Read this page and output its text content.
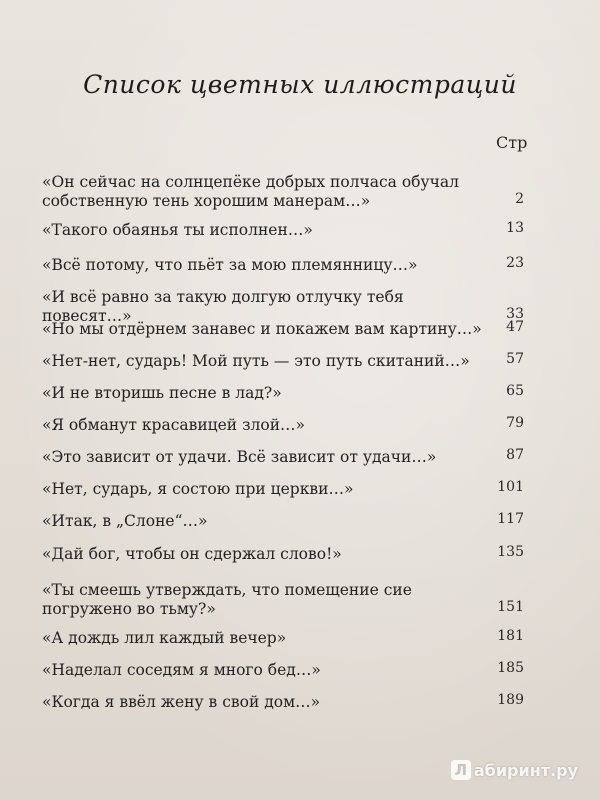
Список цветных иллюстраций
Стр
«Он сейчас на солнцепёке добрых полчаса обучал собственную тень хорошим манерам…»	2
«Такого обаянья ты исполнен…»	13
«Всё потому, что пьёт за мою племянницу…»	23
«И всё равно за такую долгую отлучку тебя повесят…»	33
«Но мы отдёрнем занавес и покажем вам картину…» 47
«Нет-нет, сударь! Мой путь — это путь скитаний…»	57
«И не вторишь песне в лад?»	65
«Я обманут красавицей злой…»	79
«Это зависит от удачи. Всё зависит от удачи…»	87
«Нет, сударь, я состою при церкви…»	101
«Итак, в „Слоне“…»	117
«Дай бог, чтобы он сдержал слово!»	135
«Ты смеешь утверждать, что помещение сие погружено во тьму?»	151
«А дождь лил каждый вечер»	181
«Наделал соседям я много бед…»	185
«Когда я ввёл жену в свой дом…»	189
Л абиринт.ру
